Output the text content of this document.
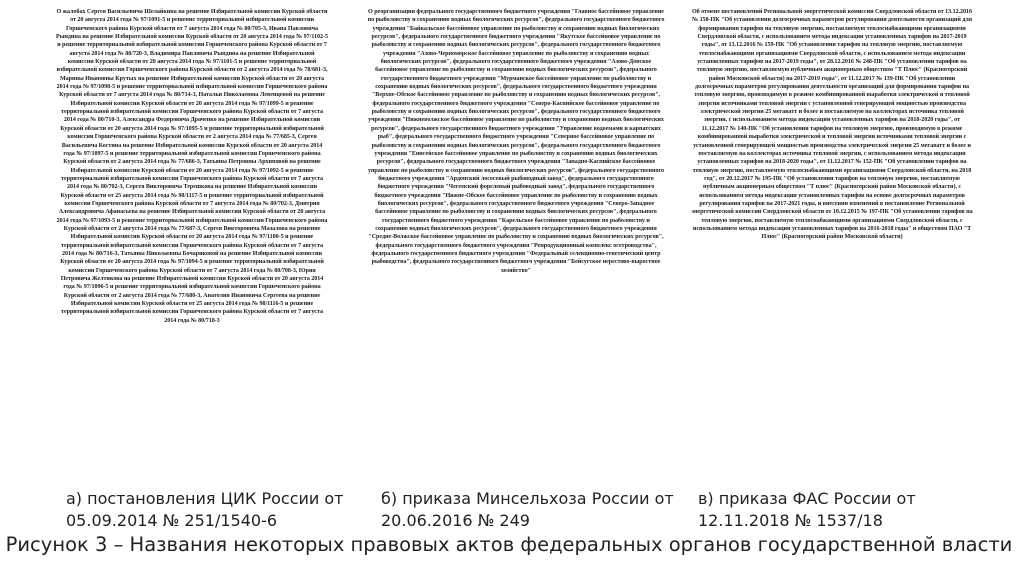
О жалобах Сергея Васильевича Шелайкина на решение Избирательной комиссии Курской области от 20 августа 2014 года № 97/1091-5 и решение территориальной избирательной комиссии Горшеченского района Курской области от 7 августа 2014 года № 80/705-3, Ивана Павловича Рындина на решение Избирательной комиссии Курской области от 20 августа 2014 года № 97/1102-5 и решение территориальной избирательной комиссии Горшеченского района Курской области от 7 августа 2014 года № 80/720-3, Владимира Павловича Рындина на решение Избирательной комиссии Курской области от 20 августа 2014 года № 97/1101-5 и решение территориальной избирательной комиссии Горшеченского района Курской области от 2 августа 2014 года № 78/681-3, Марины Ивановны Крутых на решение Избирательной комиссии Курской области от 20 августа 2014 года № 97/1098-5 и решение территориальной избирательной комиссии Горшеченского района Курской области от 7 августа 2014 года № 80/714-3, Натальи Николаевны Левенцевой на решение Избирательной комиссии Курской области от 20 августа 2014 года № 97/1099-5 и решение территориальной избирательной комиссии Горшеченского района Курской области от 7 августа 2014 года № 80/710-3, Александра Федоровича Драченко на решение Избирательной комиссии Курской области от 20 августа 2014 года № 97/1095-5 и решение территориальной избирательной комиссии Горшеченского района Курской области от 2 августа 2014 года № 77/685-3, Сергея Васильевича Костина на решение Избирательной комиссии Курской области от 20 августа 2014 года № 97/1097-5 и решение территориальной избирательной комиссии Горшеченского района Курской области от 2 августа 2014 года № 77/686-3, Татьяны Петровны Архиповой на решение Избирательной комиссии Курской области от 20 августа 2014 года № 97/1092-5 и решение территориальной избирательной комиссии Горшеченского района Курской области от 7 августа 2014 года № 80/702-3, Сергея Викторовича Терешкова на решение Избирательной комиссии Курской области от 25 августа 2014 года № 98/1117-5 и решение территориальной избирательной комиссии Горшеченского района Курской области от 7 августа 2014 года № 80/702-3, Дмитрия Александровича Афанасьева на решение Избирательной комиссии Курской области от 20 августа 2014 года № 97/1093-5 и решение территориальной избирательной комиссии Горшеченского района Курской области от 2 августа 2014 года № 77/687-3, Сергея Викторовича Мазалова на решение Избирательной комиссии Курской области от 20 августа 2014 года № 97/1100-5 и решение территориальной избирательной комиссии Горшеченского района Курской области от 7 августа 2014 года № 80/716-3, Татьяны Николаевны Бочариковой на решение Избирательной комиссии Курской области от 20 августа 2014 года № 97/1094-5 и решение территориальной избирательной комиссии Горшеченского района Курской области от 7 августа 2014 года № 80/708-3, Юрия Петровича Желтикова на решение Избирательной комиссии Курской области от 20 августа 2014 года № 97/1096-5 и решение территориальной избирательной комиссии Горшеченского района Курской области от 2 августа 2014 года № 77/680-3, Анатолия Ивановича Сергеева на решение Избирательной комиссии Курской области от 25 августа 2014 года № 98/1116-5 и решение территориальной избирательной комиссии Горшеченского района Курской области от 7 августа 2014 года № 80/718-3

О реорганизации федерального государственного бюджетного учреждения "Главное бассейновое управление по рыболовству и сохранению водных биологических ресурсов", федерального государственного бюджетного учреждения "Байкальское бассейновое управление по рыболовству и сохранению водных биологических ресурсов", федерального государственного бюджетного учреждения "Якутское бассейновое управление по рыболовству и сохранению водных биологических ресурсов", федерального государственного бюджетного учреждения "Азово-Черноморское бассейновое управление по рыболовству и сохранению водных биологических ресурсов", федерального государственного бюджетного учреждения "Азово-Донское бассейновое управление по рыболовству и сохранению водных биологических ресурсов", федерального государственного бюджетного учреждения "Мурманское бассейновое управление по рыболовству и сохранению водных биологических ресурсов", федерального государственного бюджетного учреждения "Верхне-Обское бассейновое управление по рыболовству и сохранению водных биологических ресурсов", федерального государственного бюджетного учреждения "Северо-Каспийское бассейновое управление по рыболовству и сохранению водных биологических ресурсов", федерального государственного бюджетного учреждения "Нижневолжское бассейновое управление по рыболовству и сохранению водных биологических ресурсов", федерального государственного бюджетного учреждения "Управление водоемами и карпатских рыб", федерального государственного бюджетного учреждения "Северное бассейновое управление по рыболовству и сохранению водных биологических ресурсов", федерального государственного бюджетного учреждения "Енисейское бассейновое управление по рыболовству и сохранению водных биологических ресурсов", федерального государственного бюджетного учреждения "Западно-Каспийское бассейновое управление по рыболовству и сохранению водных биологических ресурсов", федерального государственного бюджетного учреждения "Ардонский лососевый рыбоводный завод", федерального государственного бюджетного учреждения "Чегемский форелевый рыбоводный завод", федерального государственного бюджетного учреждения "Нижне-Обское бассейновое управление по рыболовству и сохранению водных биологических ресурсов", федерального государственного бюджетного учреждения "Северо-Западное бассейновое управление по рыболовству и сохранению водных биологических ресурсов", федерального государственного бюджетного учреждения "Карельское бассейновое управление по рыболовству и сохранению водных биологических ресурсов", федерального государственного бюджетного учреждения "Средне-Волжское бассейновое управление по рыболовству и сохранению водных биологических ресурсов", федерального государственного бюджетного учреждения "Репродукционный комплекс осетроводства", федерального государственного бюджетного учреждения "Федеральный селекционно-генетический центр рыбоводства", федерального государственного бюджетного учреждения "Бейсугское нерестово-выростное хозяйство"

Об отмене постановлений Региональной энергетической комиссии Свердловской области от 13.12.2016 № 158-ПК "Об установлении долгосрочных параметров регулирования деятельности организаций для формирования тарифов на тепловую энергию, поставляемую теплоснабжающими организациями Свердловской области, с использованием метода индексации установленных тарифов на 2017-2019 годы", от 13.12.2016 № 159-ПК "Об установлении тарифов на тепловую энергию, поставляемую теплоснабжающими организациями Свердловской области, с использованием метода индексации установленных тарифов на 2017-2019 годы", от 28.12.2016 № 248-ПК "Об установлении тарифов на тепловую энергию, поставляемую публичным акционерным обществом "Т Плюс" (Красногорский район Московской области) на 2017-2019 годы", от 11.12.2017 № 139-ПК "Об установлении долгосрочных параметров регулирования деятельности организаций для формирования тарифов на тепловую энергию, производимую в режиме комбинированной выработки электрической и тепловой энергии источниками тепловой энергии с установленной генерирующей мощностью производства электрической энергии 25 мегаватт и более и поставляемую на коллекторах источника тепловой энергии, с использованием метода индексации установленных тарифов на 2018-2020 годы", от 11.12.2017 № 140-ПК "Об установлении тарифов на тепловую энергию, производимую в режиме комбинированной выработки электрической и тепловой энергии источниками тепловой энергии с установленной генерирующей мощностью производства электрической энергии 25 мегаватт и более и поставляемую на коллекторах источника тепловой энергии, с использованием метода индексации установленных тарифов на 2018-2020 годы", от 11.12.2017 № 152-ПК "Об установлении тарифов на тепловую энергию, поставляемую теплоснабжающими организациями Свердловской области, на 2018 год", от 20.12.2017 № 195-ПК "Об установлении тарифов на тепловую энергию, поставляемую публичным акционерным обществом "Т плюс" (Красногорский район Московской области), с использованием метода индексации установленных тарифов на основе долгосрочных параметров регулирования тарифов на 2017-2021 годы, и внесении изменений в постановление Региональной энергетической комиссии Свердловской области от 10.12.2015 № 197-ПК "Об установлении тарифов на тепловую энергию, поставляемую теплоснабжающими организациями Свердловской области, с использованием метода индексации установленных тарифов на 2016-2018 годы" и обществом ПАО "Т Плюс" (Красногорский район Московской области)

а) постановления ЦИК России от
05.09.2014 № 251/1540-6
б) приказа Минсельхоза России от
20.06.2016 № 249
в) приказа ФАС России от
12.11.2018 № 1537/18
Рисунок 3 – Названия некоторых правовых актов федеральных органов государственной власти
